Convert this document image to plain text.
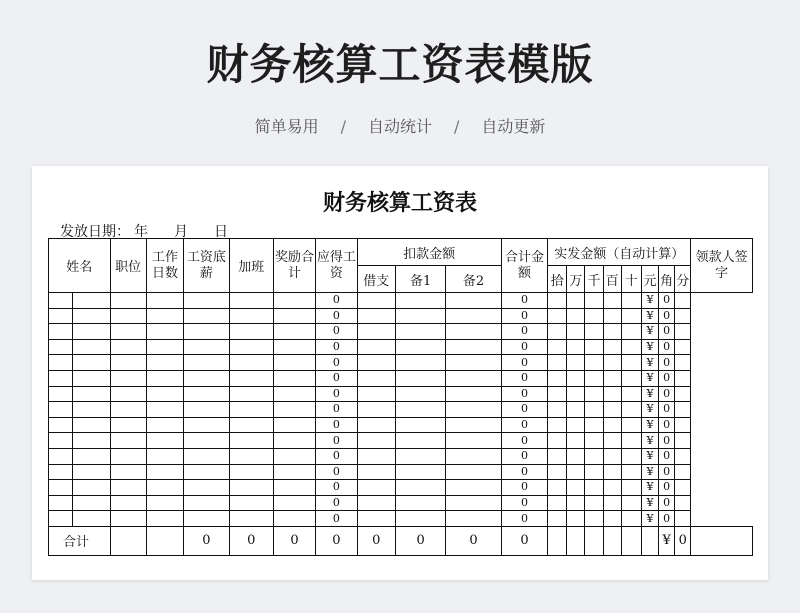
财务核算工资表模版
简单易用 / 自动统计 / 自动更新
财务核算工资表
发放日期： 年 月 日
姓名		职位	工作日数	工资底薪	加班	奖励合计	应得工资	扣款金额			合计金额	实发金额（自动计算）								领款人签字
								借支	备1	备2		拾	万	千	百	十	元	角	分	
							0				0						¥	0		
							0				0						¥	0		
							0				0						¥	0		
							0				0						¥	0		
							0				0						¥	0		
							0				0						¥	0		
							0				0						¥	0		
							0				0						¥	0		
							0				0						¥	0		
							0				0						¥	0		
							0				0						¥	0		
							0				0						¥	0		
							0				0						¥	0		
							0				0						¥	0		
							0				0						¥	0		
合计				0	0	0	0	0	0	0	0							¥	0	
